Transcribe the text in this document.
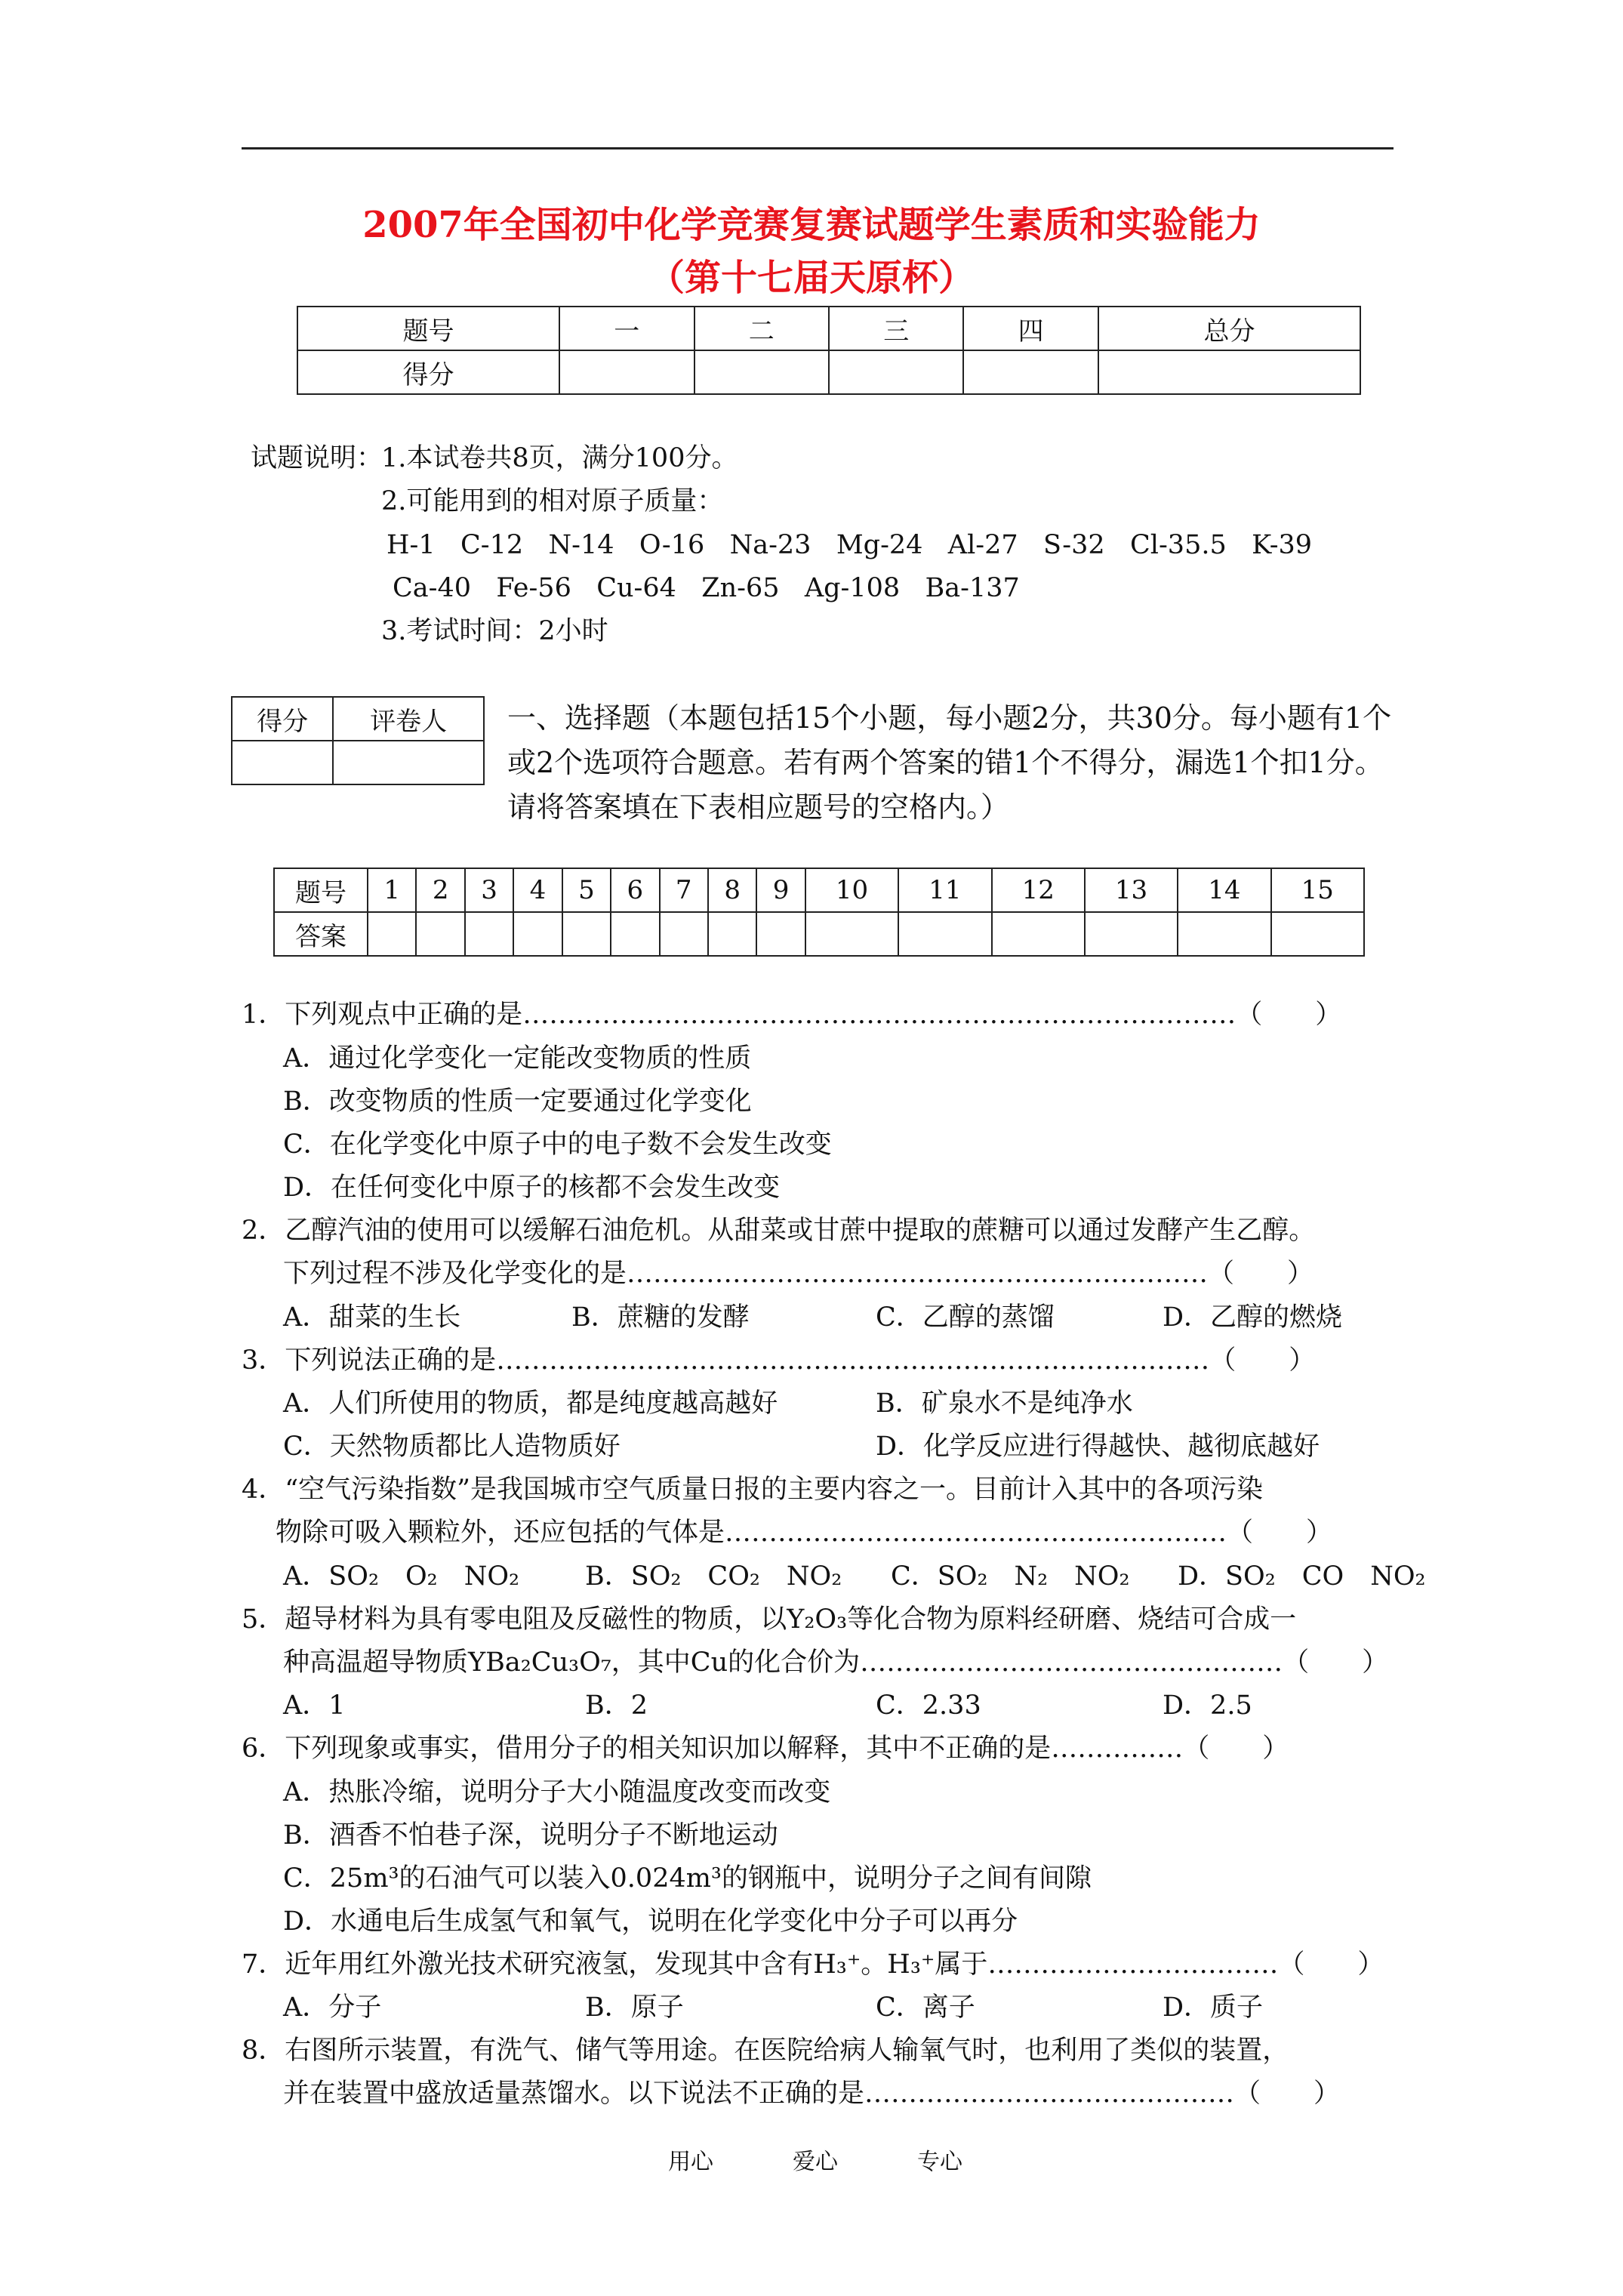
2007年全国初中化学竞赛复赛试题学生素质和实验能力
（第十七届天原杯）
题号	一	二	三	四	总分
得分					
试题说明：
1.本试卷共8页，满分100分。
2.可能用到的相对原子质量：
H-1   C-12   N-14   O-16   Na-23   Mg-24   Al-27   S-32   Cl-35.5   K-39
Ca-40   Fe-56   Cu-64   Zn-65   Ag-108   Ba-137
3.考试时间：2小时
得分	评卷人
	一、选择题（本题包括15个小题，每小题2分，共30分。每小题有1个或2个选项符合题意。若有两个答案的错1个不得分，漏选1个扣1分。请将答案填在下表相应题号的空格内。）
题号	1	2	3	4	5	6	7	8	9	10	11	12	13	14	15
答案															
1．下列观点中正确的是………………………………………………………………………（　　）
A．通过化学变化一定能改变物质的性质
B．改变物质的性质一定要通过化学变化
C．在化学变化中原子中的电子数不会发生改变
D．在任何变化中原子的核都不会发生改变
2．乙醇汽油的使用可以缓解石油危机。从甜菜或甘蔗中提取的蔗糖可以通过发酵产生乙醇。
下列过程不涉及化学变化的是…………………………………………………………（　　）
A．甜菜的生长	B．蔗糖的发酵	C．乙醇的蒸馏	D．乙醇的燃烧
3．下列说法正确的是………………………………………………………………………（　　）
A．人们所使用的物质，都是纯度越高越好	B．矿泉水不是纯净水
C．天然物质都比人造物质好	D．化学反应进行得越快、越彻底越好
4．“空气污染指数”是我国城市空气质量日报的主要内容之一。目前计入其中的各项污染
物除可吸入颗粒外，还应包括的气体是…………………………………………………（　　）
A．SO₂　O₂　NO₂ B．SO₂　CO₂　NO₂ C．SO₂　N₂　NO₂ D．SO₂　CO　NO₂
5．超导材料为具有零电阻及反磁性的物质，以Y₂O₃等化合物为原料经研磨、烧结可合成一
种高温超导物质YBa₂Cu₃O₇，其中Cu的化合价为…………………………………………（　　）
A．1	B．2	C．2.33	D．2.5
6．下列现象或事实，借用分子的相关知识加以解释，其中不正确的是……………（　　）
A．热胀冷缩，说明分子大小随温度改变而改变
B．酒香不怕巷子深，说明分子不断地运动
C．25m³的石油气可以装入0.024m³的钢瓶中，说明分子之间有间隙
D．水通电后生成氢气和氧气，说明在化学变化中分子可以再分
7．近年用红外激光技术研究液氢，发现其中含有H₃⁺。H₃⁺属于……………………………（　　）
A．分子	B．原子	C．离子	D．质子
8．右图所示装置，有洗气、储气等用途。在医院给病人输氧气时，也利用了类似的装置，
并在装置中盛放适量蒸馏水。以下说法不正确的是……………………………………（　　）
用心	爱心	专心
